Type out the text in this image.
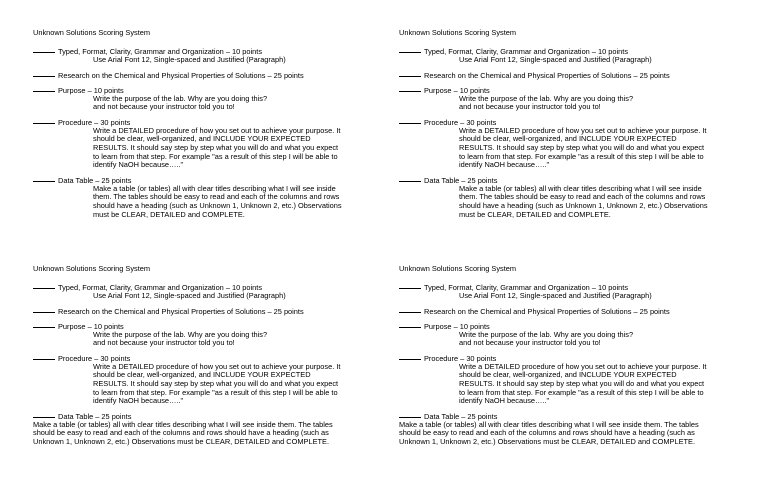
Unknown Solutions Scoring System
Typed, Format, Clarity, Grammar and Organization – 10 points
Use Arial Font 12, Single-spaced and Justified (Paragraph)
Research on the Chemical and Physical Properties of Solutions – 25 points
Purpose – 10 points
Write the purpose of the lab. Why are you doing this?
and not because your instructor told you to!
Procedure – 30 points
Write a DETAILED procedure of how you set out to achieve your purpose. It
should be clear, well-organized, and INCLUDE YOUR EXPECTED
RESULTS. It should say step by step what you will do and what you expect
to learn from that step. For example "as a result of this step I will be able to
identify NaOH because….."
Data Table – 25 points
Make a table (or tables) all with clear titles describing what I will see inside
them. The tables should be easy to read and each of the columns and rows
should have a heading (such as Unknown 1, Unknown 2, etc.) Observations
must be CLEAR, DETAILED and COMPLETE.
Unknown Solutions Scoring System
Typed, Format, Clarity, Grammar and Organization – 10 points
Use Arial Font 12, Single-spaced and Justified (Paragraph)
Research on the Chemical and Physical Properties of Solutions – 25 points
Purpose – 10 points
Write the purpose of the lab. Why are you doing this?
and not because your instructor told you to!
Procedure – 30 points
Write a DETAILED procedure of how you set out to achieve your purpose. It
should be clear, well-organized, and INCLUDE YOUR EXPECTED
RESULTS. It should say step by step what you will do and what you expect
to learn from that step. For example "as a result of this step I will be able to
identify NaOH because….."
Data Table – 25 points
Make a table (or tables) all with clear titles describing what I will see inside
them. The tables should be easy to read and each of the columns and rows
should have a heading (such as Unknown 1, Unknown 2, etc.) Observations
must be CLEAR, DETAILED and COMPLETE.
Unknown Solutions Scoring System
Typed, Format, Clarity, Grammar and Organization – 10 points
Use Arial Font 12, Single-spaced and Justified (Paragraph)
Research on the Chemical and Physical Properties of Solutions – 25 points
Purpose – 10 points
Write the purpose of the lab. Why are you doing this?
and not because your instructor told you to!
Procedure – 30 points
Write a DETAILED procedure of how you set out to achieve your purpose. It
should be clear, well-organized, and INCLUDE YOUR EXPECTED
RESULTS. It should say step by step what you will do and what you expect
to learn from that step. For example "as a result of this step I will be able to
identify NaOH because….."
Data Table – 25 points
Make a table (or tables) all with clear titles describing what I will see inside them. The tables
should be easy to read and each of the columns and rows should have a heading (such as
Unknown 1, Unknown 2, etc.) Observations must be CLEAR, DETAILED and COMPLETE.
Unknown Solutions Scoring System
Typed, Format, Clarity, Grammar and Organization – 10 points
Use Arial Font 12, Single-spaced and Justified (Paragraph)
Research on the Chemical and Physical Properties of Solutions – 25 points
Purpose – 10 points
Write the purpose of the lab. Why are you doing this?
and not because your instructor told you to!
Procedure – 30 points
Write a DETAILED procedure of how you set out to achieve your purpose. It
should be clear, well-organized, and INCLUDE YOUR EXPECTED
RESULTS. It should say step by step what you will do and what you expect
to learn from that step. For example "as a result of this step I will be able to
identify NaOH because….."
Data Table – 25 points
Make a table (or tables) all with clear titles describing what I will see inside them. The tables
should be easy to read and each of the columns and rows should have a heading (such as
Unknown 1, Unknown 2, etc.) Observations must be CLEAR, DETAILED and COMPLETE.
